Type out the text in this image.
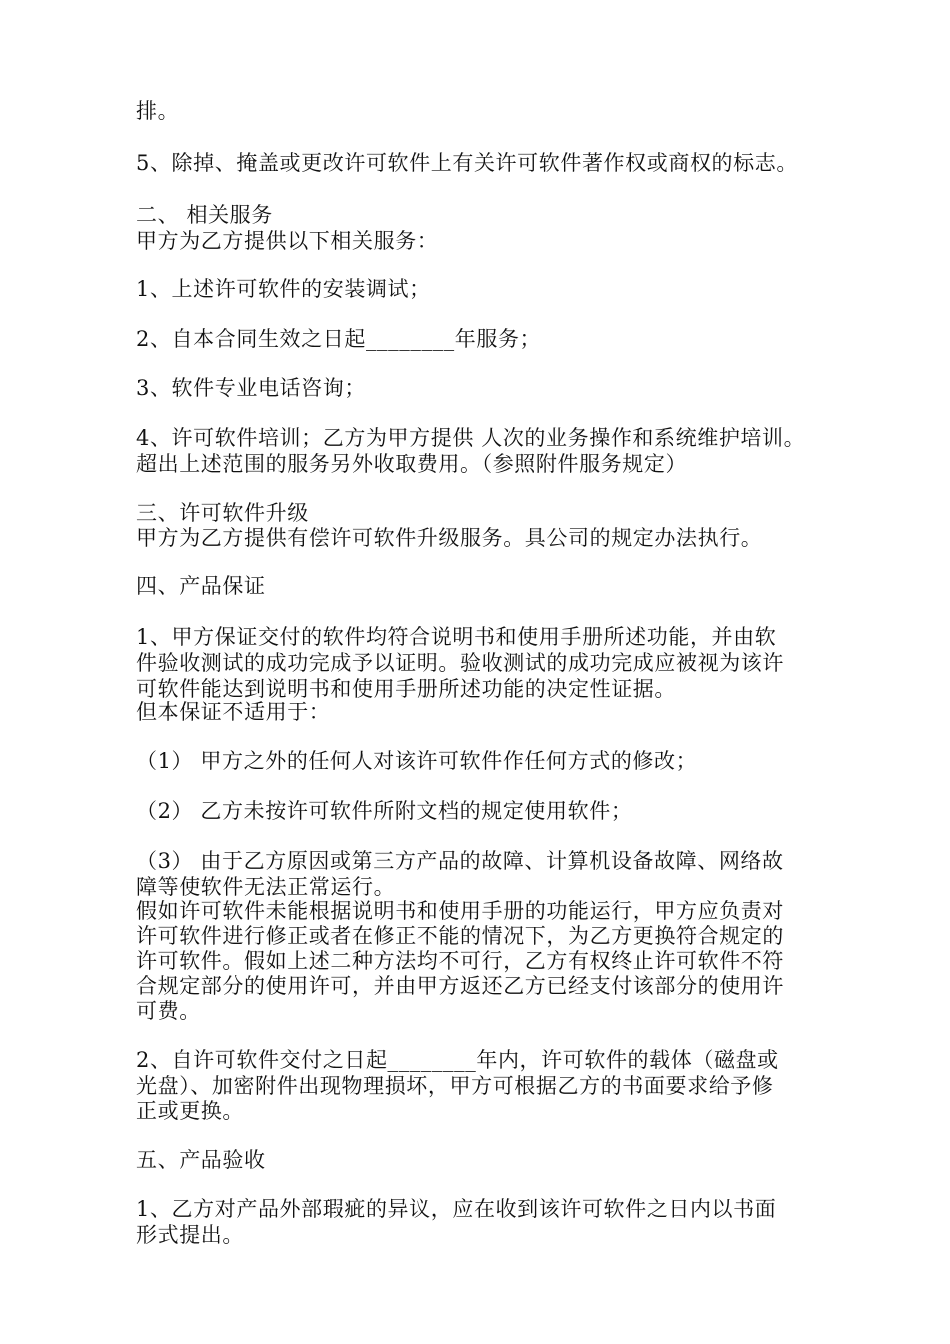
排。
5、除掉、掩盖或更改许可软件上有关许可软件著作权或商权的标志。
二、 相关服务
甲方为乙方提供以下相关服务：
1、上述许可软件的安装调试；
2、自本合同生效之日起________年服务；
3、软件专业电话咨询；
4、许可软件培训；乙方为甲方提供 人次的业务操作和系统维护培训。
超出上述范围的服务另外收取费用。（参照附件服务规定）
三、许可软件升级
甲方为乙方提供有偿许可软件升级服务。具公司的规定办法执行。
四、产品保证
1、甲方保证交付的软件均符合说明书和使用手册所述功能，并由软
件验收测试的成功完成予以证明。验收测试的成功完成应被视为该许
可软件能达到说明书和使用手册所述功能的决定性证据。
但本保证不适用于：
（1） 甲方之外的任何人对该许可软件作任何方式的修改；
（2） 乙方未按许可软件所附文档的规定使用软件；
（3） 由于乙方原因或第三方产品的故障、计算机设备故障、网络故
障等使软件无法正常运行。
假如许可软件未能根据说明书和使用手册的功能运行，甲方应负责对
许可软件进行修正或者在修正不能的情况下，为乙方更换符合规定的
许可软件。假如上述二种方法均不可行，乙方有权终止许可软件不符
合规定部分的使用许可，并由甲方返还乙方已经支付该部分的使用许
可费。
2、自许可软件交付之日起________年内，许可软件的载体（磁盘或
光盘）、加密附件出现物理损坏，甲方可根据乙方的书面要求给予修
正或更换。
五、产品验收
1、乙方对产品外部瑕疵的异议，应在收到该许可软件之日内以书面
形式提出。
